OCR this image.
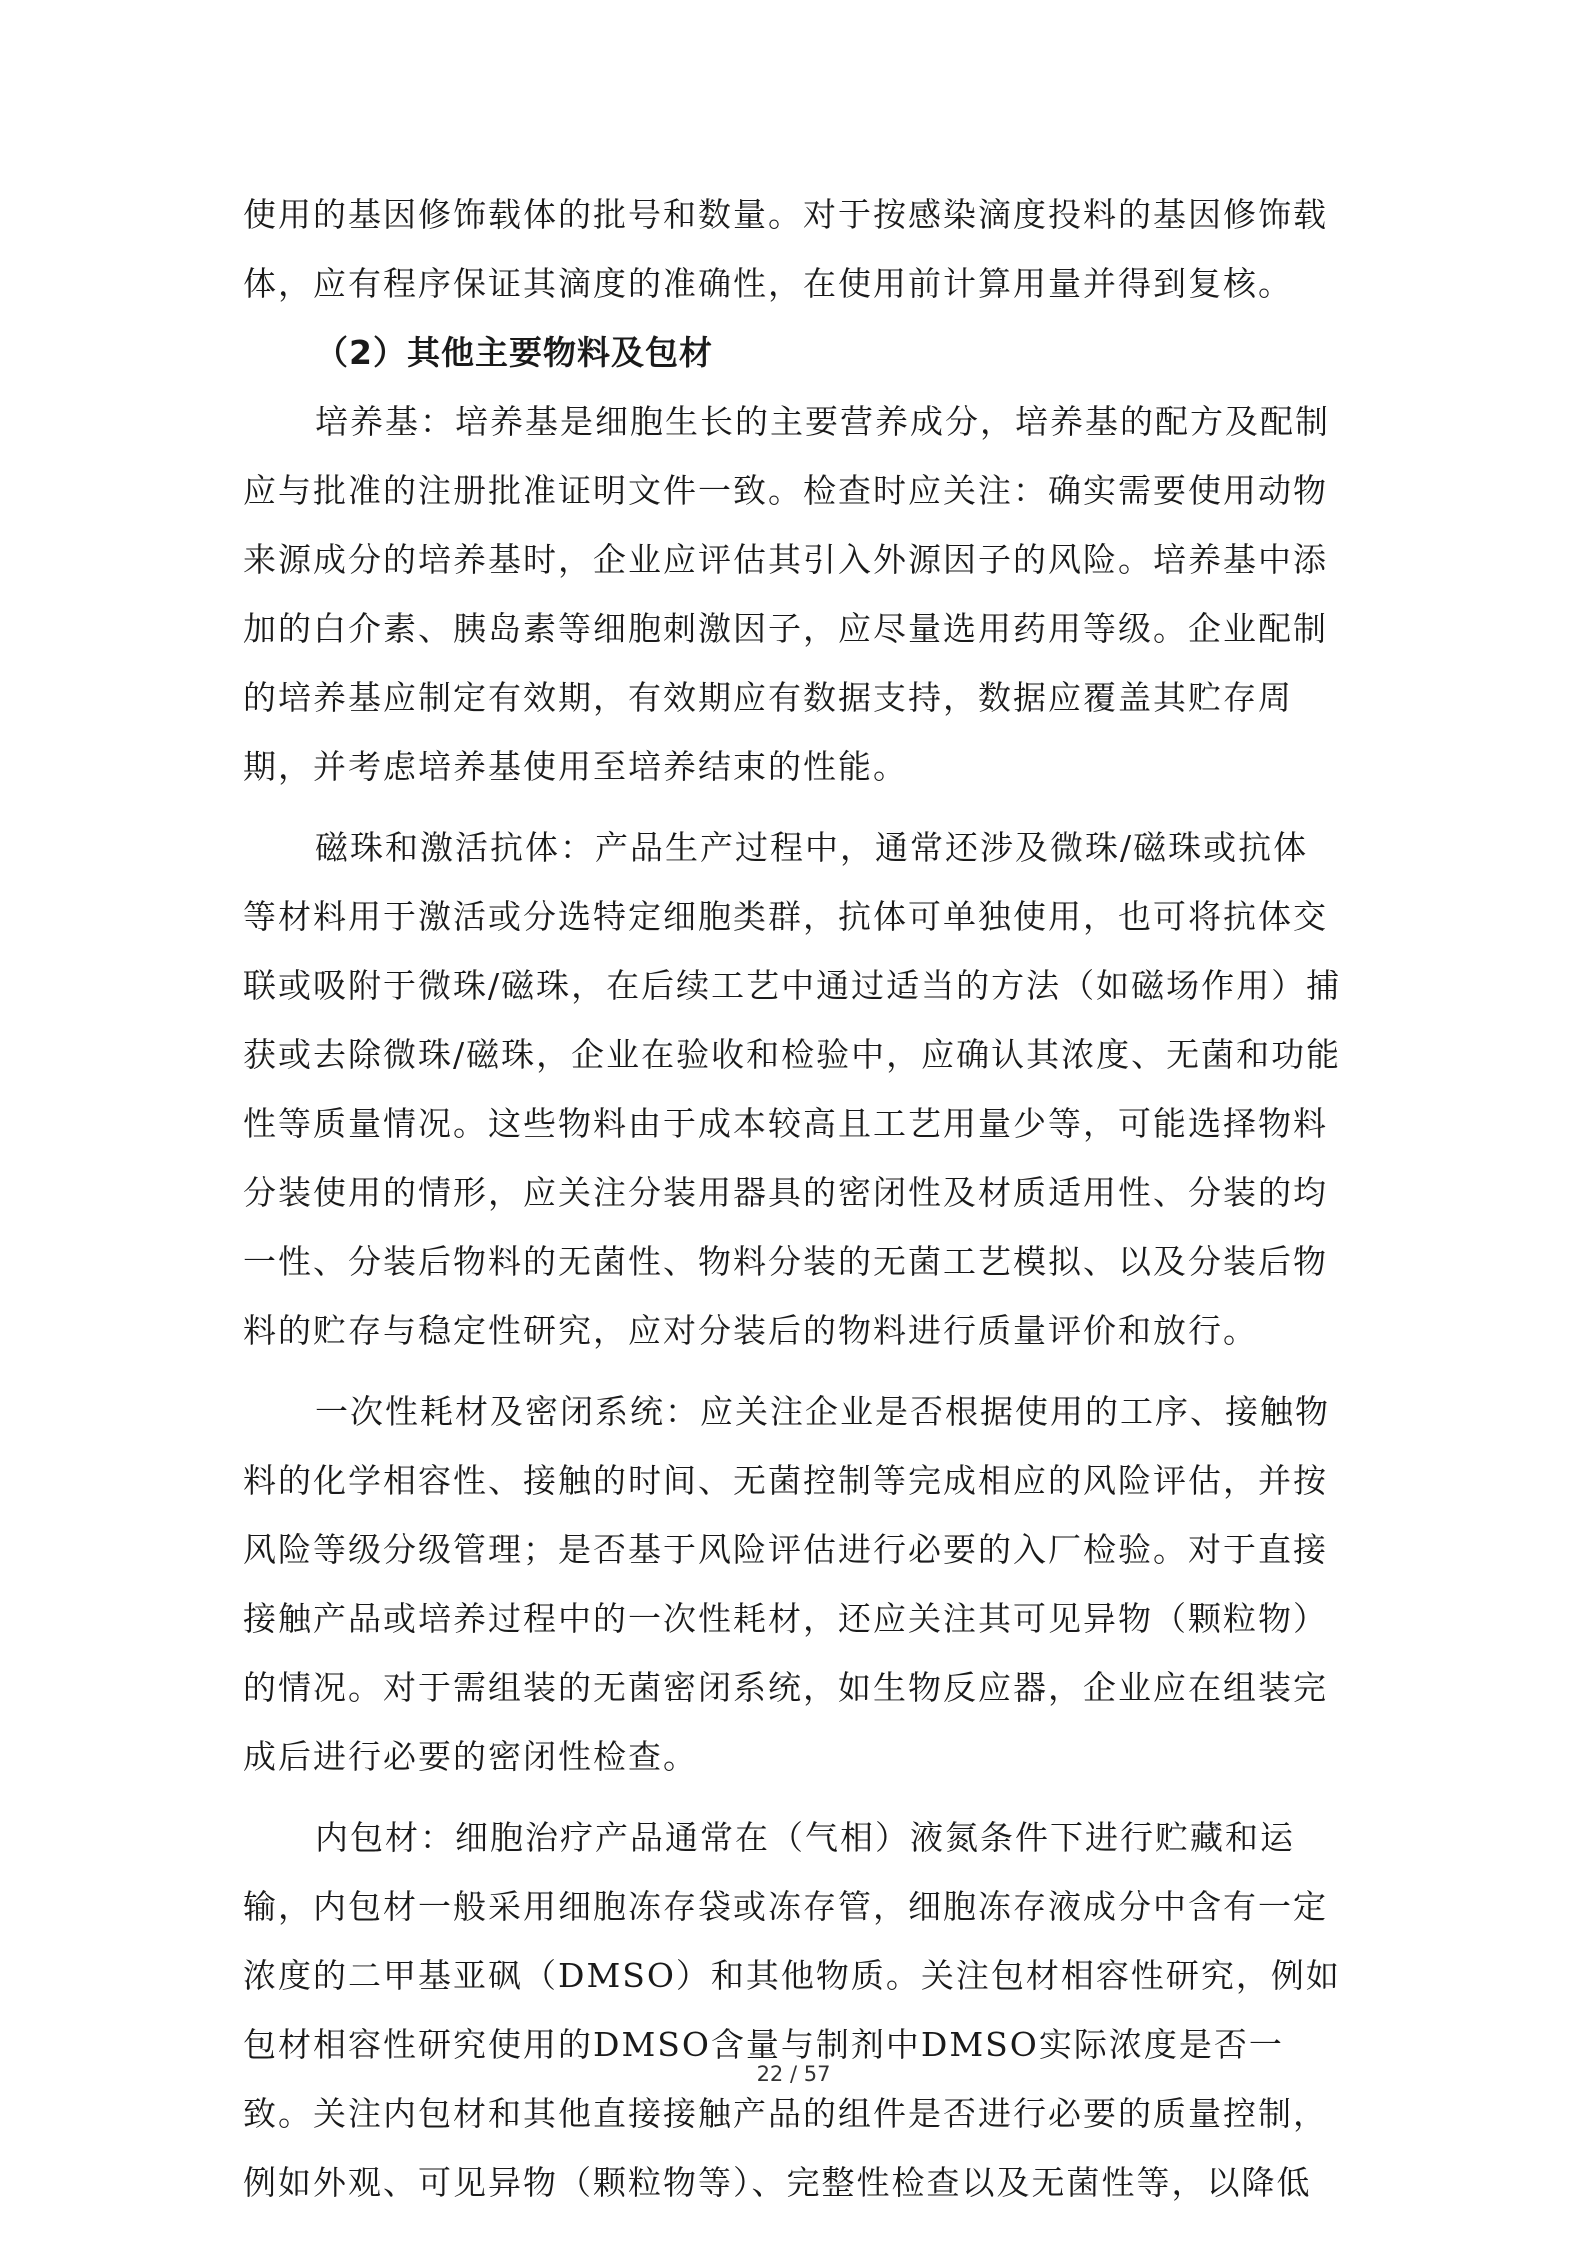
使用的基因修饰载体的批号和数量。对于按感染滴度投料的基因修饰载体，应有程序保证其滴度的准确性，在使用前计算用量并得到复核。

（2）其他主要物料及包材

培养基：培养基是细胞生长的主要营养成分，培养基的配方及配制应与批准的注册批准证明文件一致。检查时应关注：确实需要使用动物来源成分的培养基时，企业应评估其引入外源因子的风险。培养基中添加的白介素、胰岛素等细胞刺激因子，应尽量选用药用等级。企业配制的培养基应制定有效期，有效期应有数据支持，数据应覆盖其贮存周期，并考虑培养基使用至培养结束的性能。

磁珠和激活抗体：产品生产过程中，通常还涉及微珠/磁珠或抗体等材料用于激活或分选特定细胞类群，抗体可单独使用，也可将抗体交联或吸附于微珠/磁珠，在后续工艺中通过适当的方法（如磁场作用）捕获或去除微珠/磁珠，企业在验收和检验中，应确认其浓度、无菌和功能性等质量情况。这些物料由于成本较高且工艺用量少等，可能选择物料分装使用的情形，应关注分装用器具的密闭性及材质适用性、分装的均一性、分装后物料的无菌性、物料分装的无菌工艺模拟、以及分装后物料的贮存与稳定性研究，应对分装后的物料进行质量评价和放行。

一次性耗材及密闭系统：应关注企业是否根据使用的工序、接触物料的化学相容性、接触的时间、无菌控制等完成相应的风险评估，并按风险等级分级管理；是否基于风险评估进行必要的入厂检验。对于直接接触产品或培养过程中的一次性耗材，还应关注其可见异物（颗粒物）的情况。对于需组装的无菌密闭系统，如生物反应器，企业应在组装完成后进行必要的密闭性检查。

内包材：细胞治疗产品通常在（气相）液氮条件下进行贮藏和运输，内包材一般采用细胞冻存袋或冻存管，细胞冻存液成分中含有一定浓度的二甲基亚砜（DMSO）和其他物质。关注包材相容性研究，例如包材相容性研究使用的DMSO含量与制剂中DMSO实际浓度是否一致。关注内包材和其他直接接触产品的组件是否进行必要的质量控制，例如外观、可见异物（颗粒物等）、完整性检查以及无菌性等，以降低

22 / 57
